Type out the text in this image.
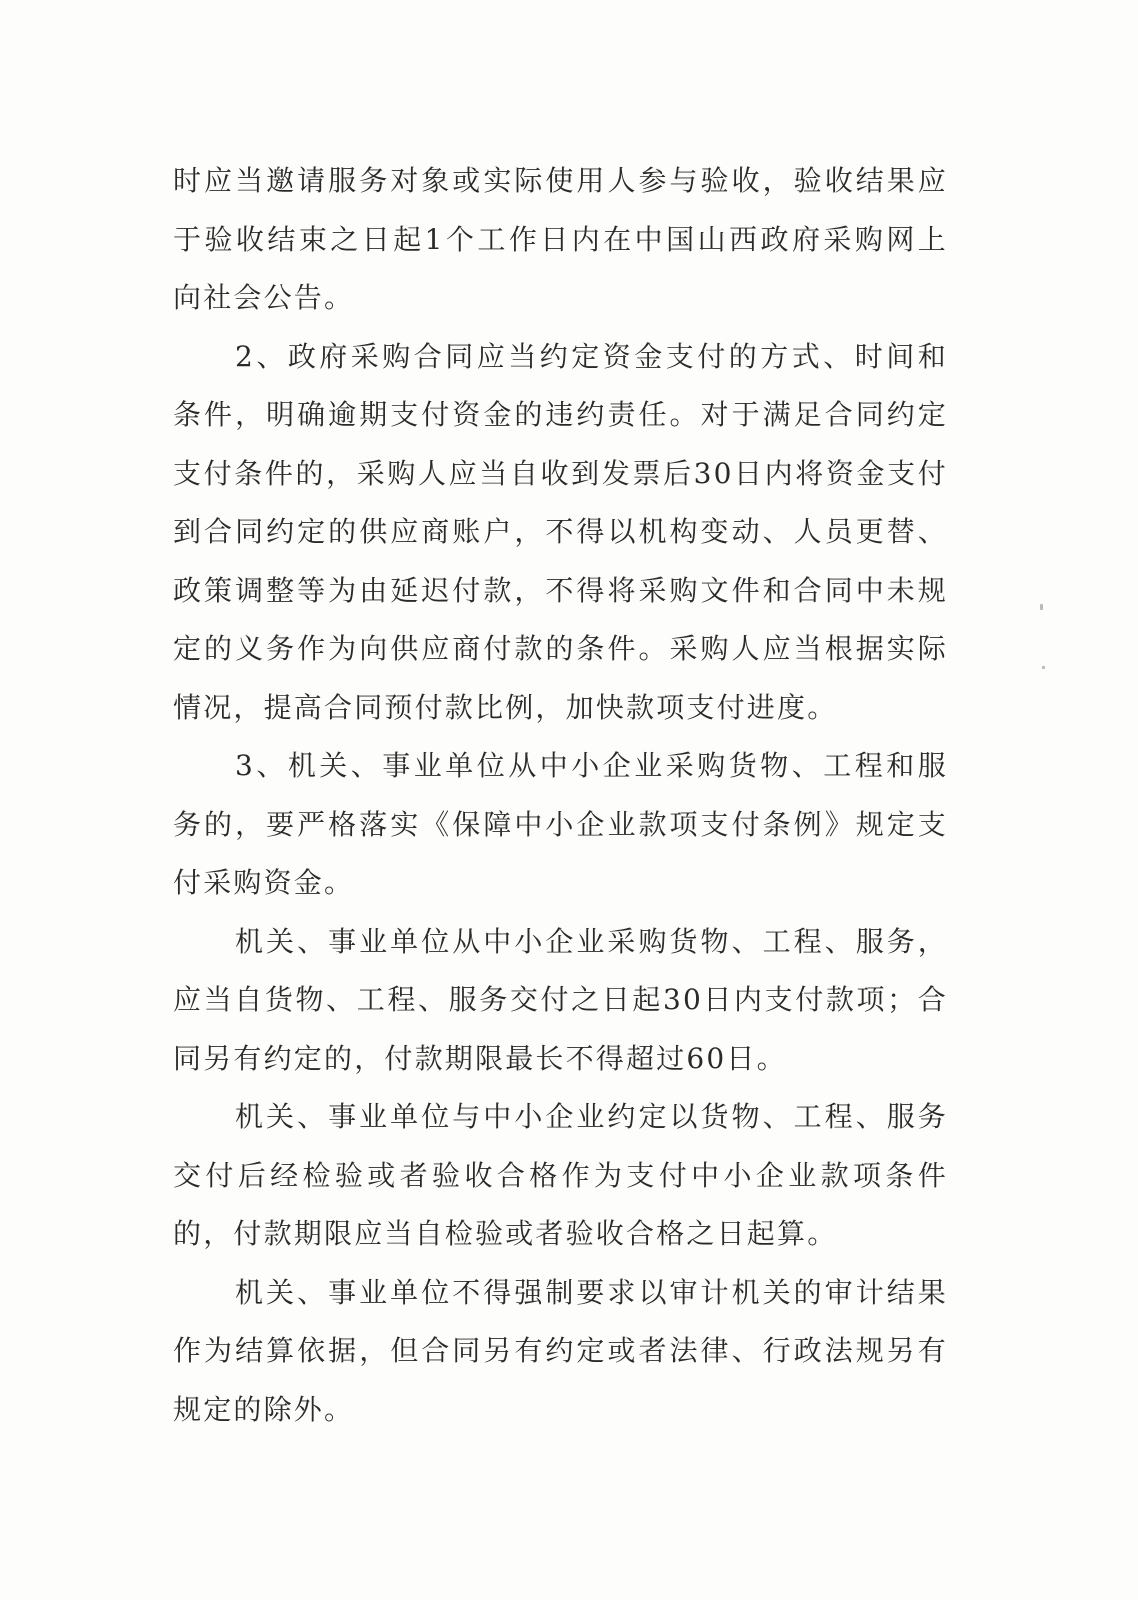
时应当邀请服务对象或实际使用人参与验收，验收结果应于验收结束之日起1个工作日内在中国山西政府采购网上向社会公告。

2、政府采购合同应当约定资金支付的方式、时间和条件，明确逾期支付资金的违约责任。对于满足合同约定支付条件的，采购人应当自收到发票后30日内将资金支付到合同约定的供应商账户，不得以机构变动、人员更替、政策调整等为由延迟付款，不得将采购文件和合同中未规定的义务作为向供应商付款的条件。采购人应当根据实际情况，提高合同预付款比例，加快款项支付进度。

3、机关、事业单位从中小企业采购货物、工程和服务的，要严格落实《保障中小企业款项支付条例》规定支付采购资金。

机关、事业单位从中小企业采购货物、工程、服务，应当自货物、工程、服务交付之日起30日内支付款项；合同另有约定的，付款期限最长不得超过60日。

机关、事业单位与中小企业约定以货物、工程、服务交付后经检验或者验收合格作为支付中小企业款项条件的，付款期限应当自检验或者验收合格之日起算。

机关、事业单位不得强制要求以审计机关的审计结果作为结算依据，但合同另有约定或者法律、行政法规另有规定的除外。
